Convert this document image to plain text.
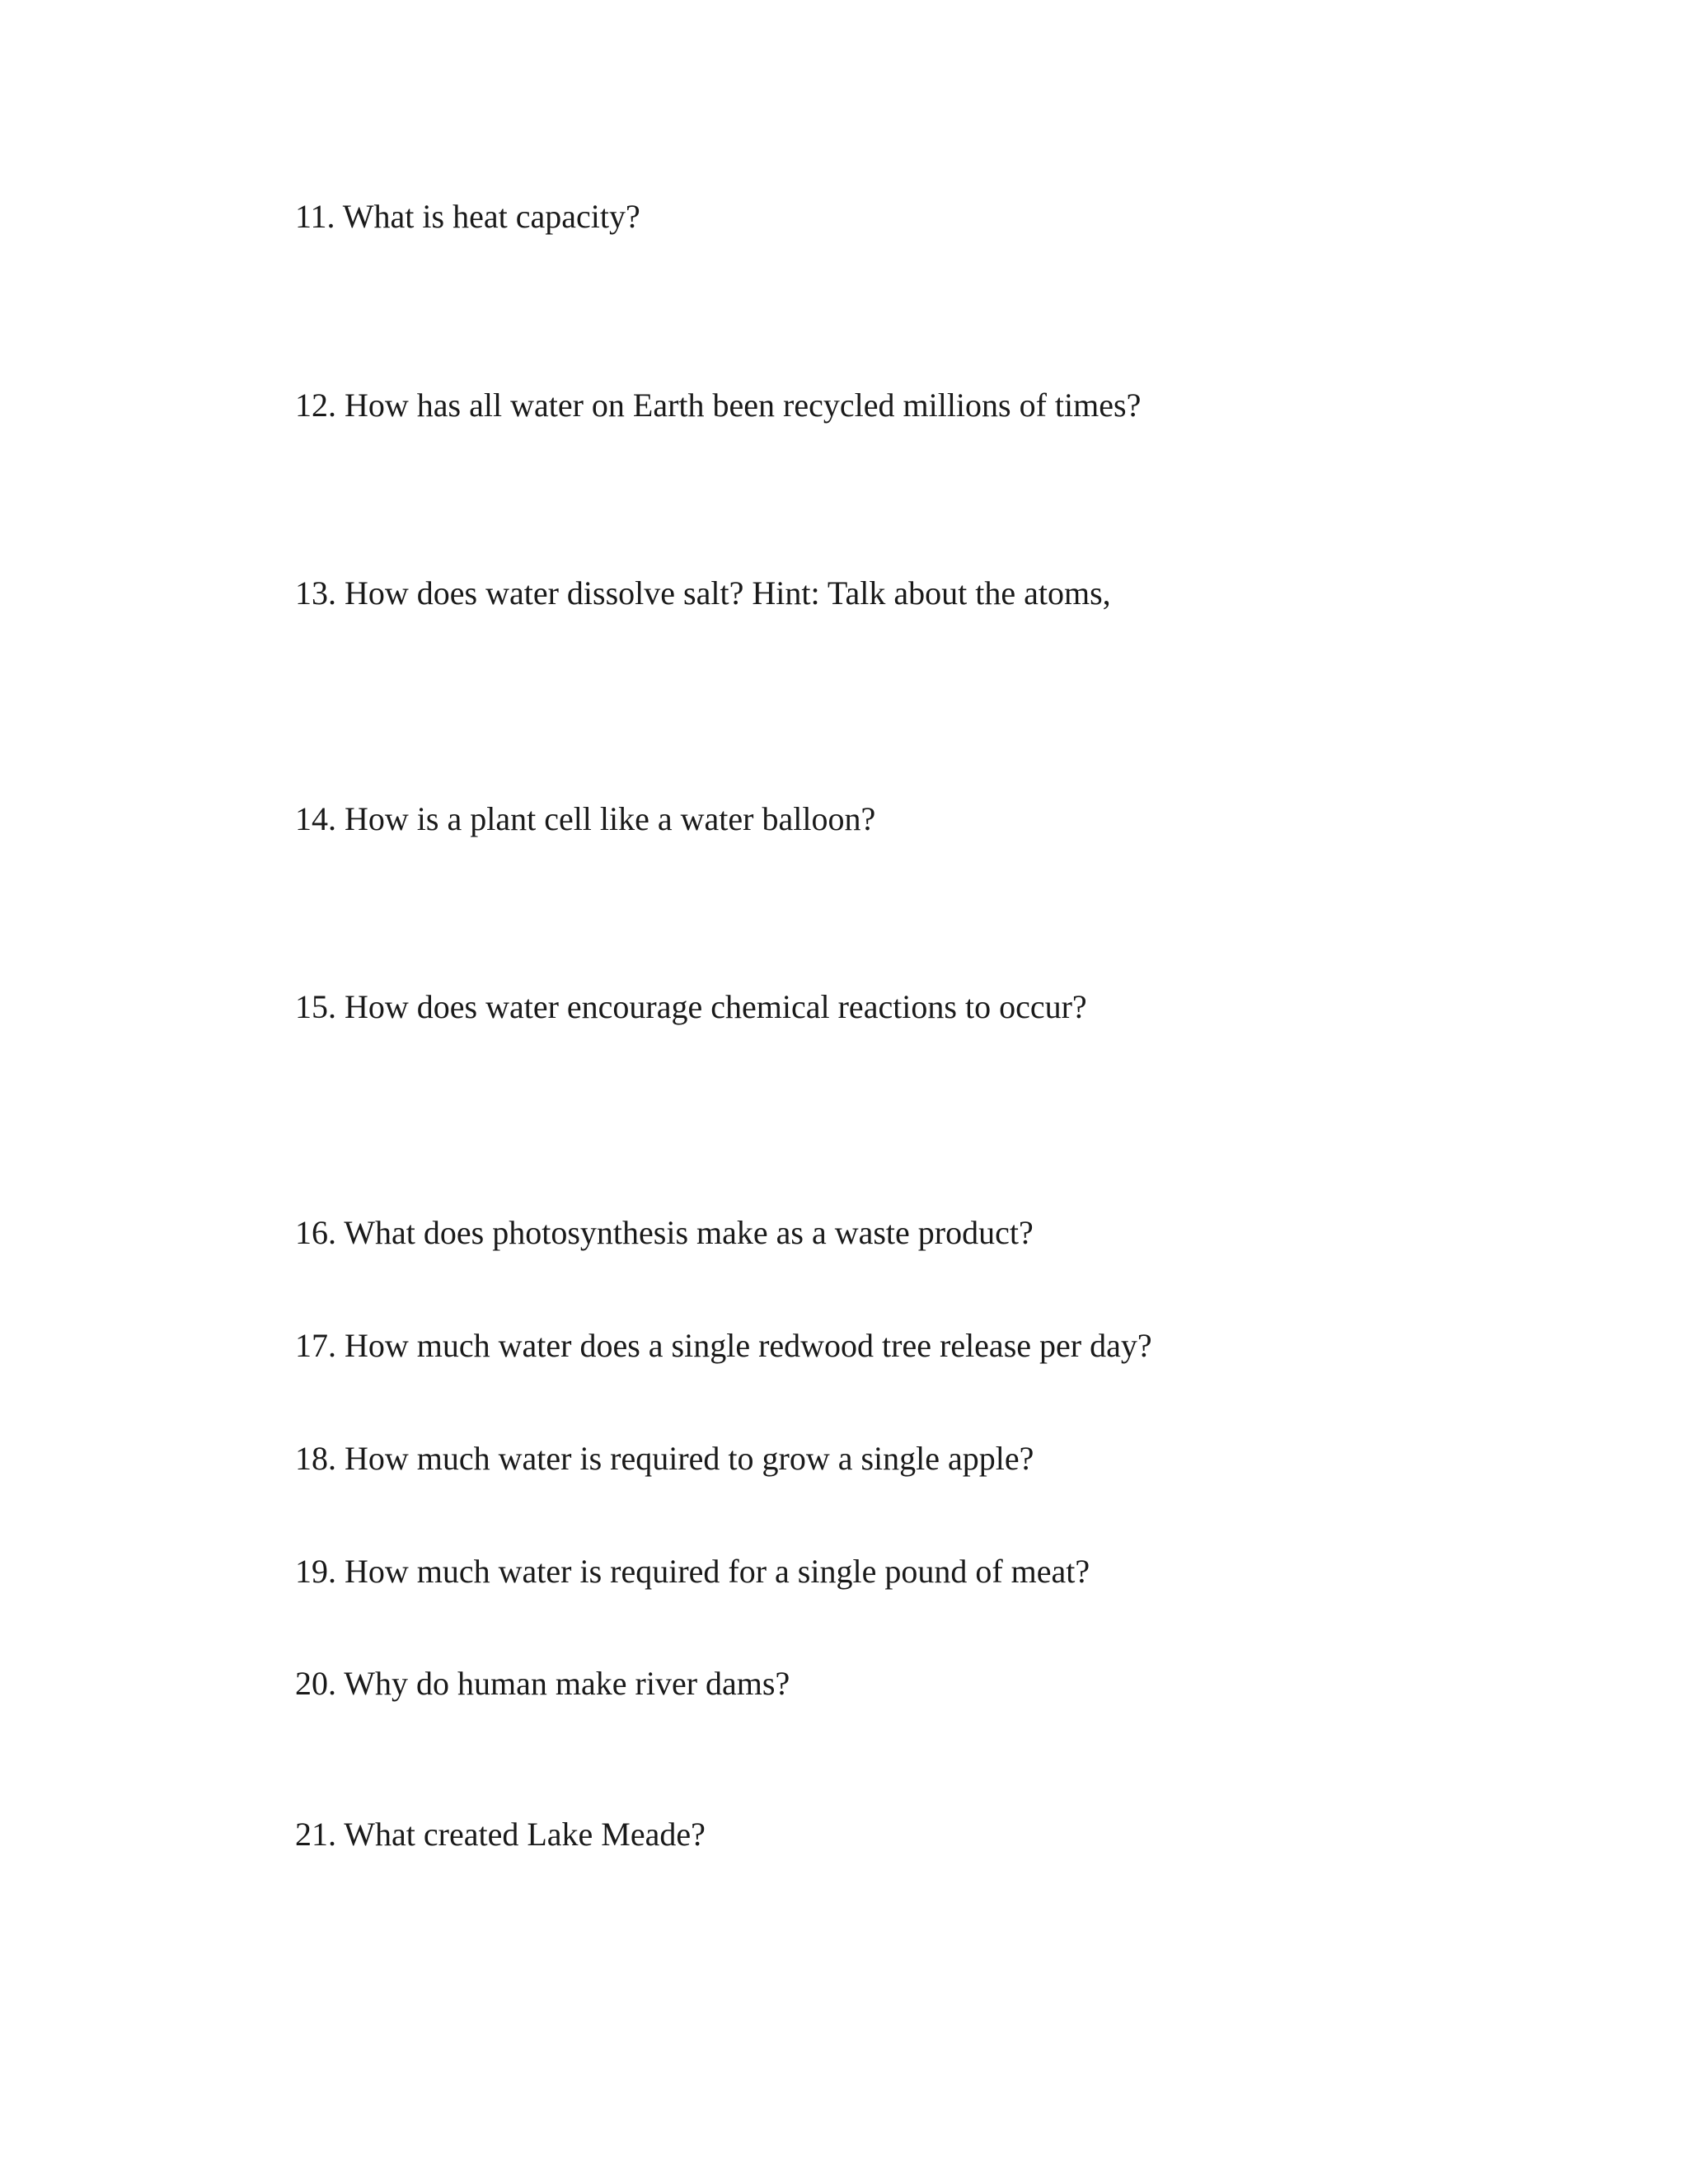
11. What is heat capacity?

12. How has all water on Earth been recycled millions of times?

13. How does water dissolve salt? Hint: Talk about the atoms,

14. How is a plant cell like a water balloon?

15. How does water encourage chemical reactions to occur?

16. What does photosynthesis make as a waste product?

17. How much water does a single redwood tree release per day?

18. How much water is required to grow a single apple?

19. How much water is required for a single pound of meat?

20. Why do human make river dams?

21. What created Lake Meade?
